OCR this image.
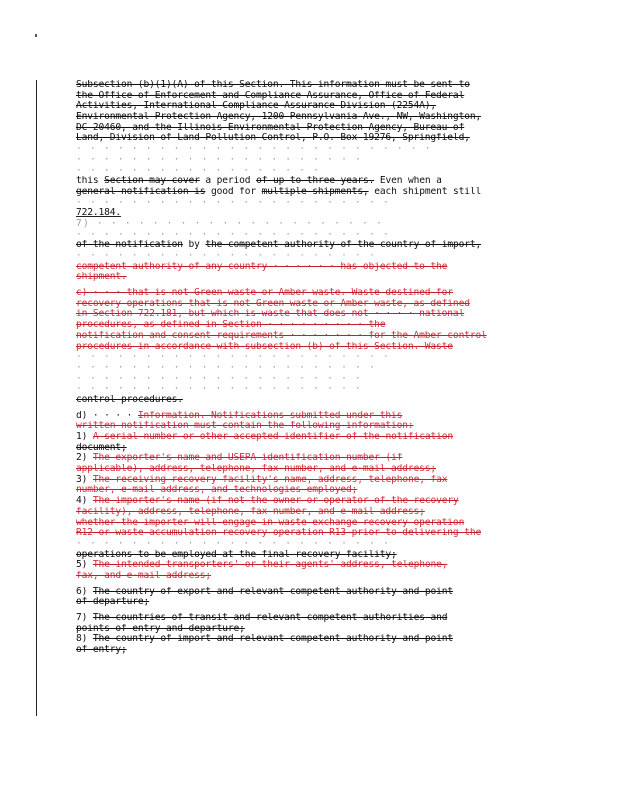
Subsection (b)(1)(A) of this Section. This information must be sent to
the Office of Enforcement and Compliance Assurance, Office of Federal
Activities, International Compliance Assurance Division (2254A),
Environmental Protection Agency, 1200 Pennsylvania Ave., NW, Washington,
DC 20460, and the Illinois Environmental Protection Agency, Bureau of
Land, Division of Land Pollution Control, P.O. Box 19276, Springfield,
· · · · · · · · · · · · · · · · · · · · · · · · · ·
· · · · · · · · · · · · · · · · · · · · ·
· · · · · · · · · · · · · · · · · ·
this Section may cover a period of up to three years. Even when a
general notification is good for multiple shipments, each shipment still
· · · · · · · · · · · · · · · · · · · · · · ·
722.184.
7) · · · · · · · · · · · · · · · · · · · · ·
· · · · · · · · · · · · · · · · · · · · · · ·
of the notification by the competent authority of the country of import,
· · · · · · · · · · · · · · · · · · · · · ·
competent authority of any country · · · · · · has objected to the
shipment.
c) · · · that is not Green waste or Amber waste. Waste destined for
recovery operations that is not Green waste or Amber waste, as defined
in Section 722.181, but which is waste that does not · · · · national
procedures, as defined in Section · · · · · · · · · the
notification and consent requirements · · · · · · · for the Amber control
procedures in accordance with subsection (b) of this Section. Waste
· · · · · · · · · · · · · · · · · · · · · · ·
· · · · · · · · · · · · · · · · · · · · · ·
· · · · · · · · · · · · · · · · · · · · ·
· · · · · · · · · · · · · · · · · · · · ·
control procedures.
d) · · · · Information. Notifications submitted under this
written notification must contain the following information:
1) A serial number or other accepted identifier of the notification
document;
2) The exporter's name and USEPA identification number (if
applicable), address, telephone, fax number, and e-mail address;
3) The receiving recovery facility's name, address, telephone, fax
number, e-mail address, and technologies employed;
4) The importer's name (if not the owner or operator of the recovery
facility), address, telephone, fax number, and e-mail address;
whether the importer will engage in waste exchange recovery operation
R12 or waste accumulation recovery operation R13 prior to delivering the
· · · · · · · · · · · · · · · · · · · · · · ·
operations to be employed at the final recovery facility;
5) The intended transporters' or their agents' address, telephone,
fax, and e-mail address;
6) The country of export and relevant competent authority and point
of departure;
7) The countries of transit and relevant competent authorities and
points of entry and departure;
8) The country of import and relevant competent authority and point
of entry;
